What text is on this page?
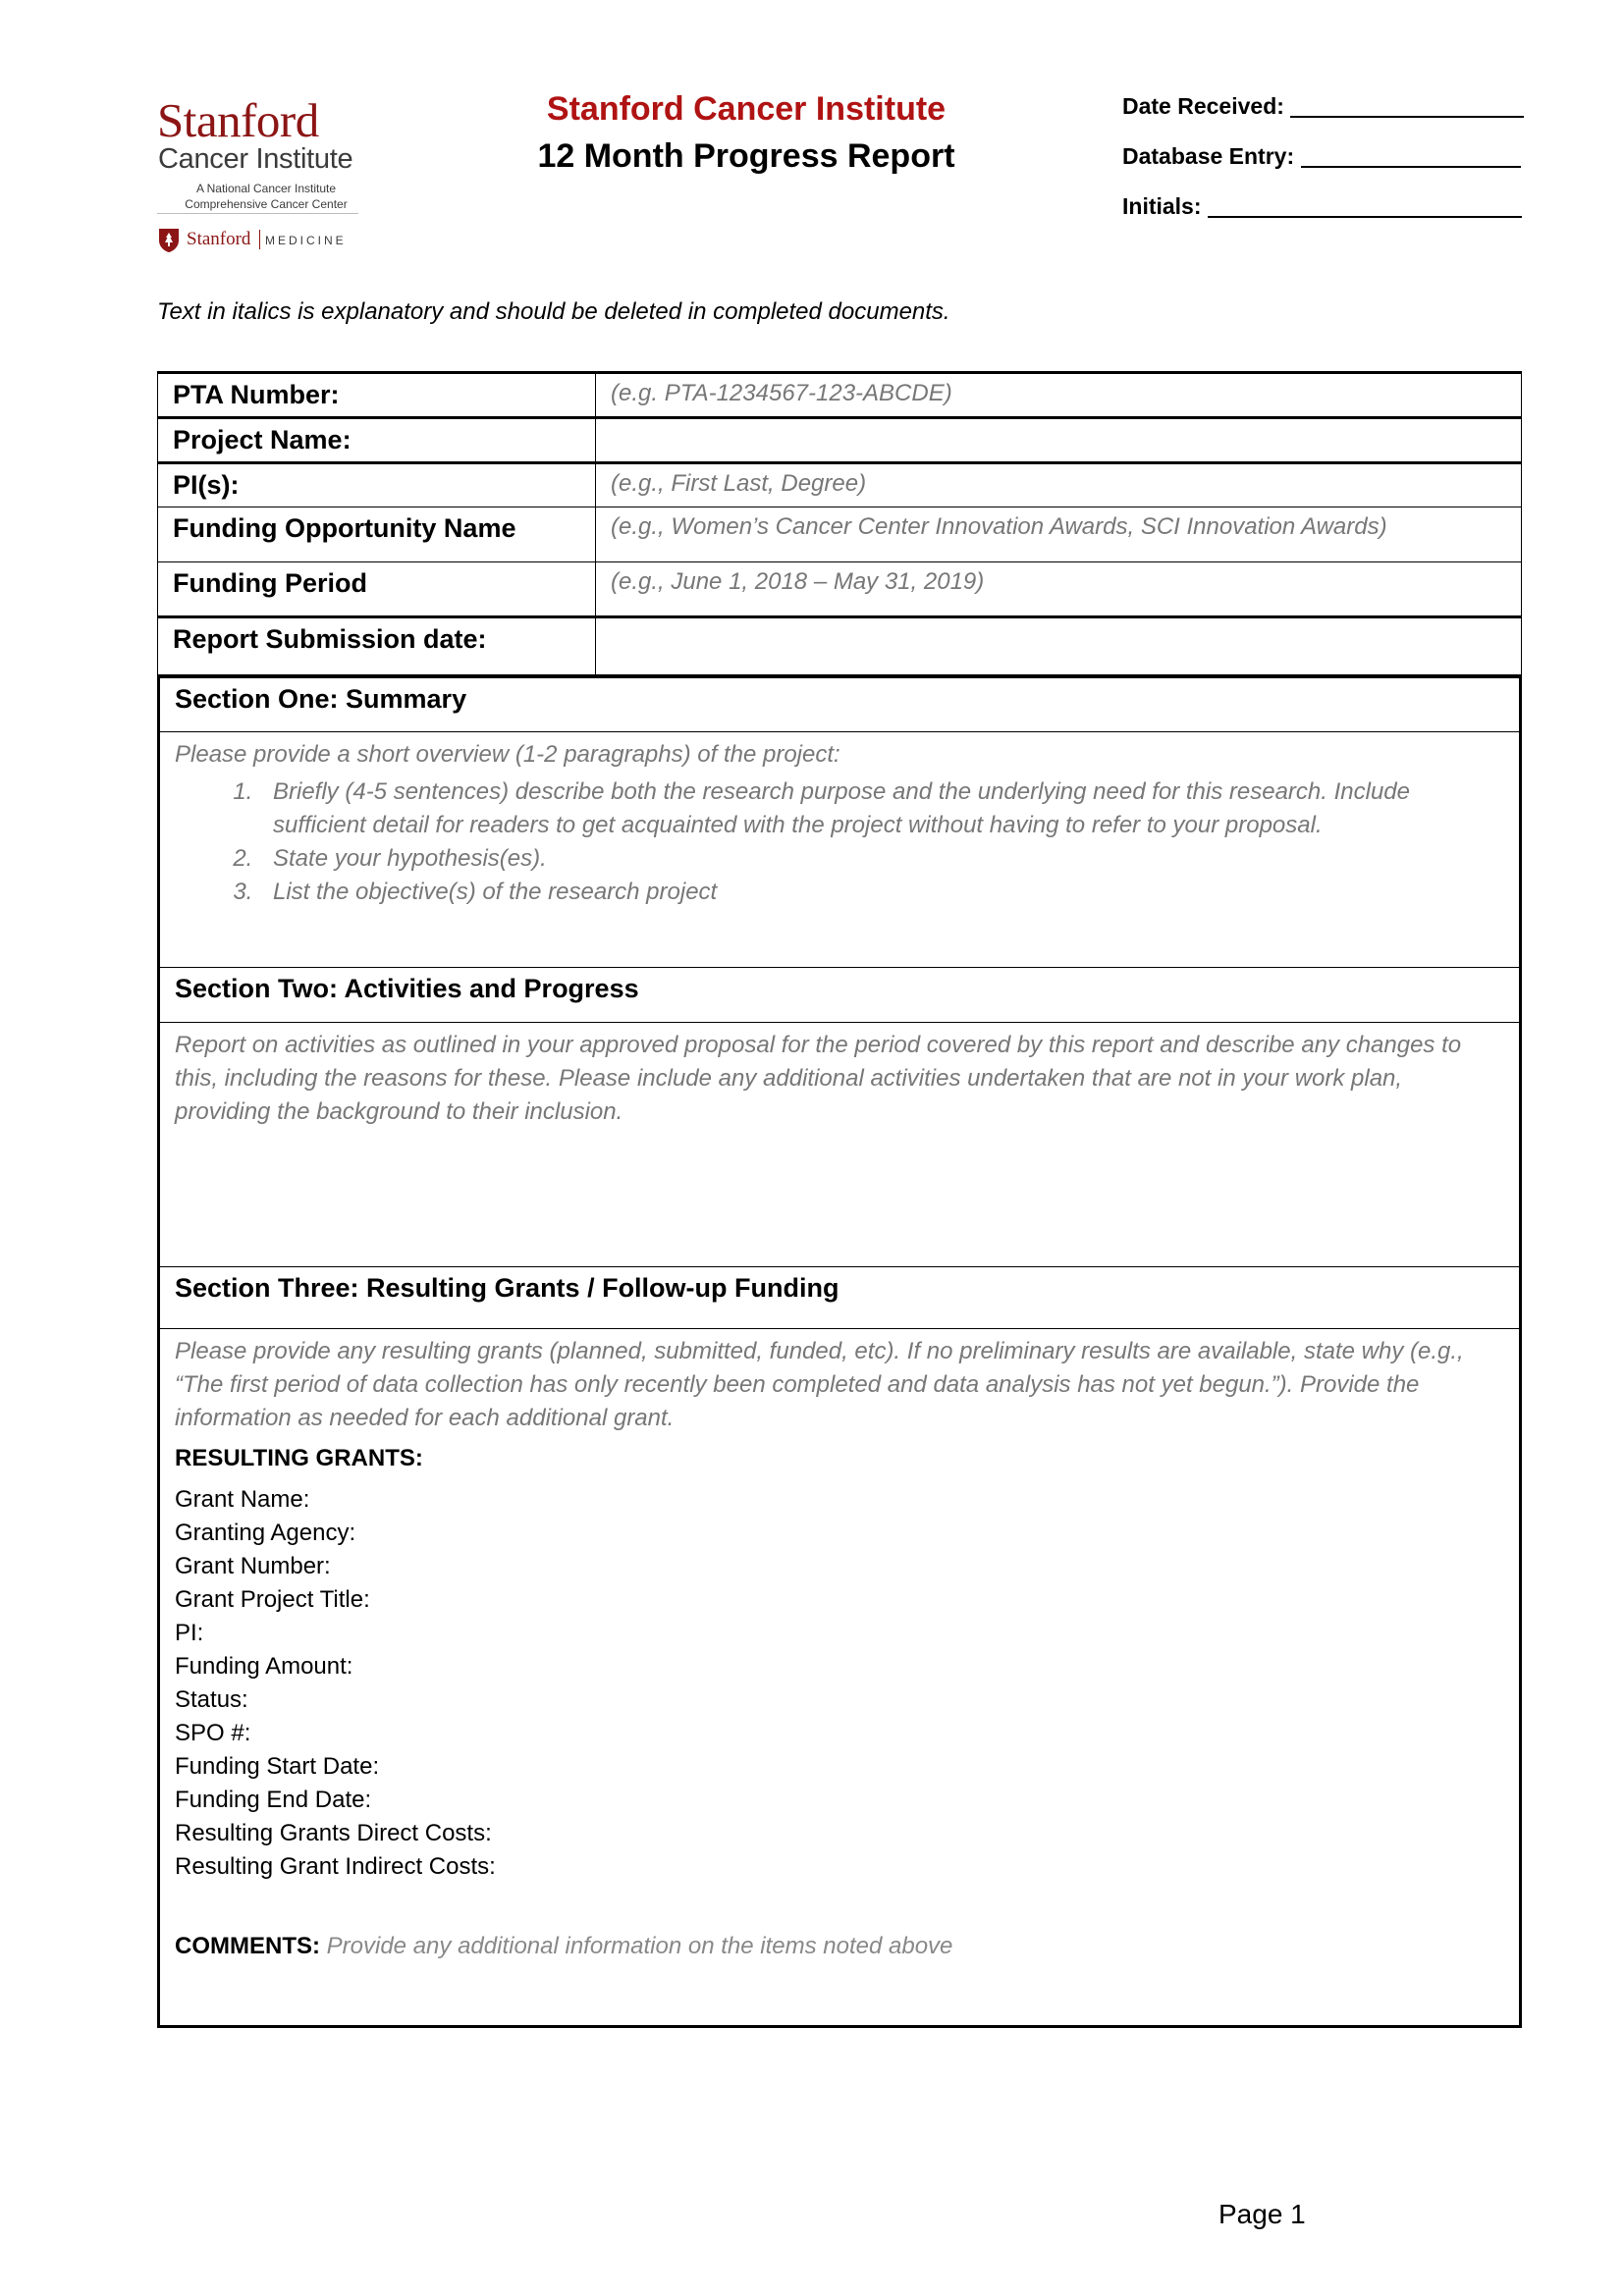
Stanford
Cancer Institute
A National Cancer Institute
Comprehensive Cancer Center
Stanford MEDICINE
Stanford Cancer Institute
12 Month Progress Report
Date Received:
Database Entry:
Initials:
Text in italics is explanatory and should be deleted in completed documents.
PTA Number:	(e.g. PTA-1234567-123-ABCDE)
Project Name:	
PI(s):	(e.g., First Last, Degree)
Funding Opportunity Name	(e.g., Women’s Cancer Center Innovation Awards, SCI Innovation Awards)
Funding Period	(e.g., June 1, 2018 – May 31, 2019)
Report Submission date:	
Section One: Summary
Please provide a short overview (1-2 paragraphs) of the project:
1. Briefly (4-5 sentences) describe both the research purpose and the underlying need for this research. Include sufficient detail for readers to get acquainted with the project without having to refer to your proposal.
2. State your hypothesis(es).
3. List the objective(s) of the research project
Section Two: Activities and Progress
Report on activities as outlined in your approved proposal for the period covered by this report and describe any changes to this, including the reasons for these. Please include any additional activities undertaken that are not in your work plan, providing the background to their inclusion.
Section Three: Resulting Grants / Follow-up Funding
Please provide any resulting grants (planned, submitted, funded, etc). If no preliminary results are available, state why (e.g., “The first period of data collection has only recently been completed and data analysis has not yet begun.”). Provide the information as needed for each additional grant.
RESULTING GRANTS:
Grant Name:
Granting Agency:
Grant Number:
Grant Project Title:
PI:
Funding Amount:
Status:
SPO #:
Funding Start Date:
Funding End Date:
Resulting Grants Direct Costs:
Resulting Grant Indirect Costs:
COMMENTS: Provide any additional information on the items noted above
Page 1
